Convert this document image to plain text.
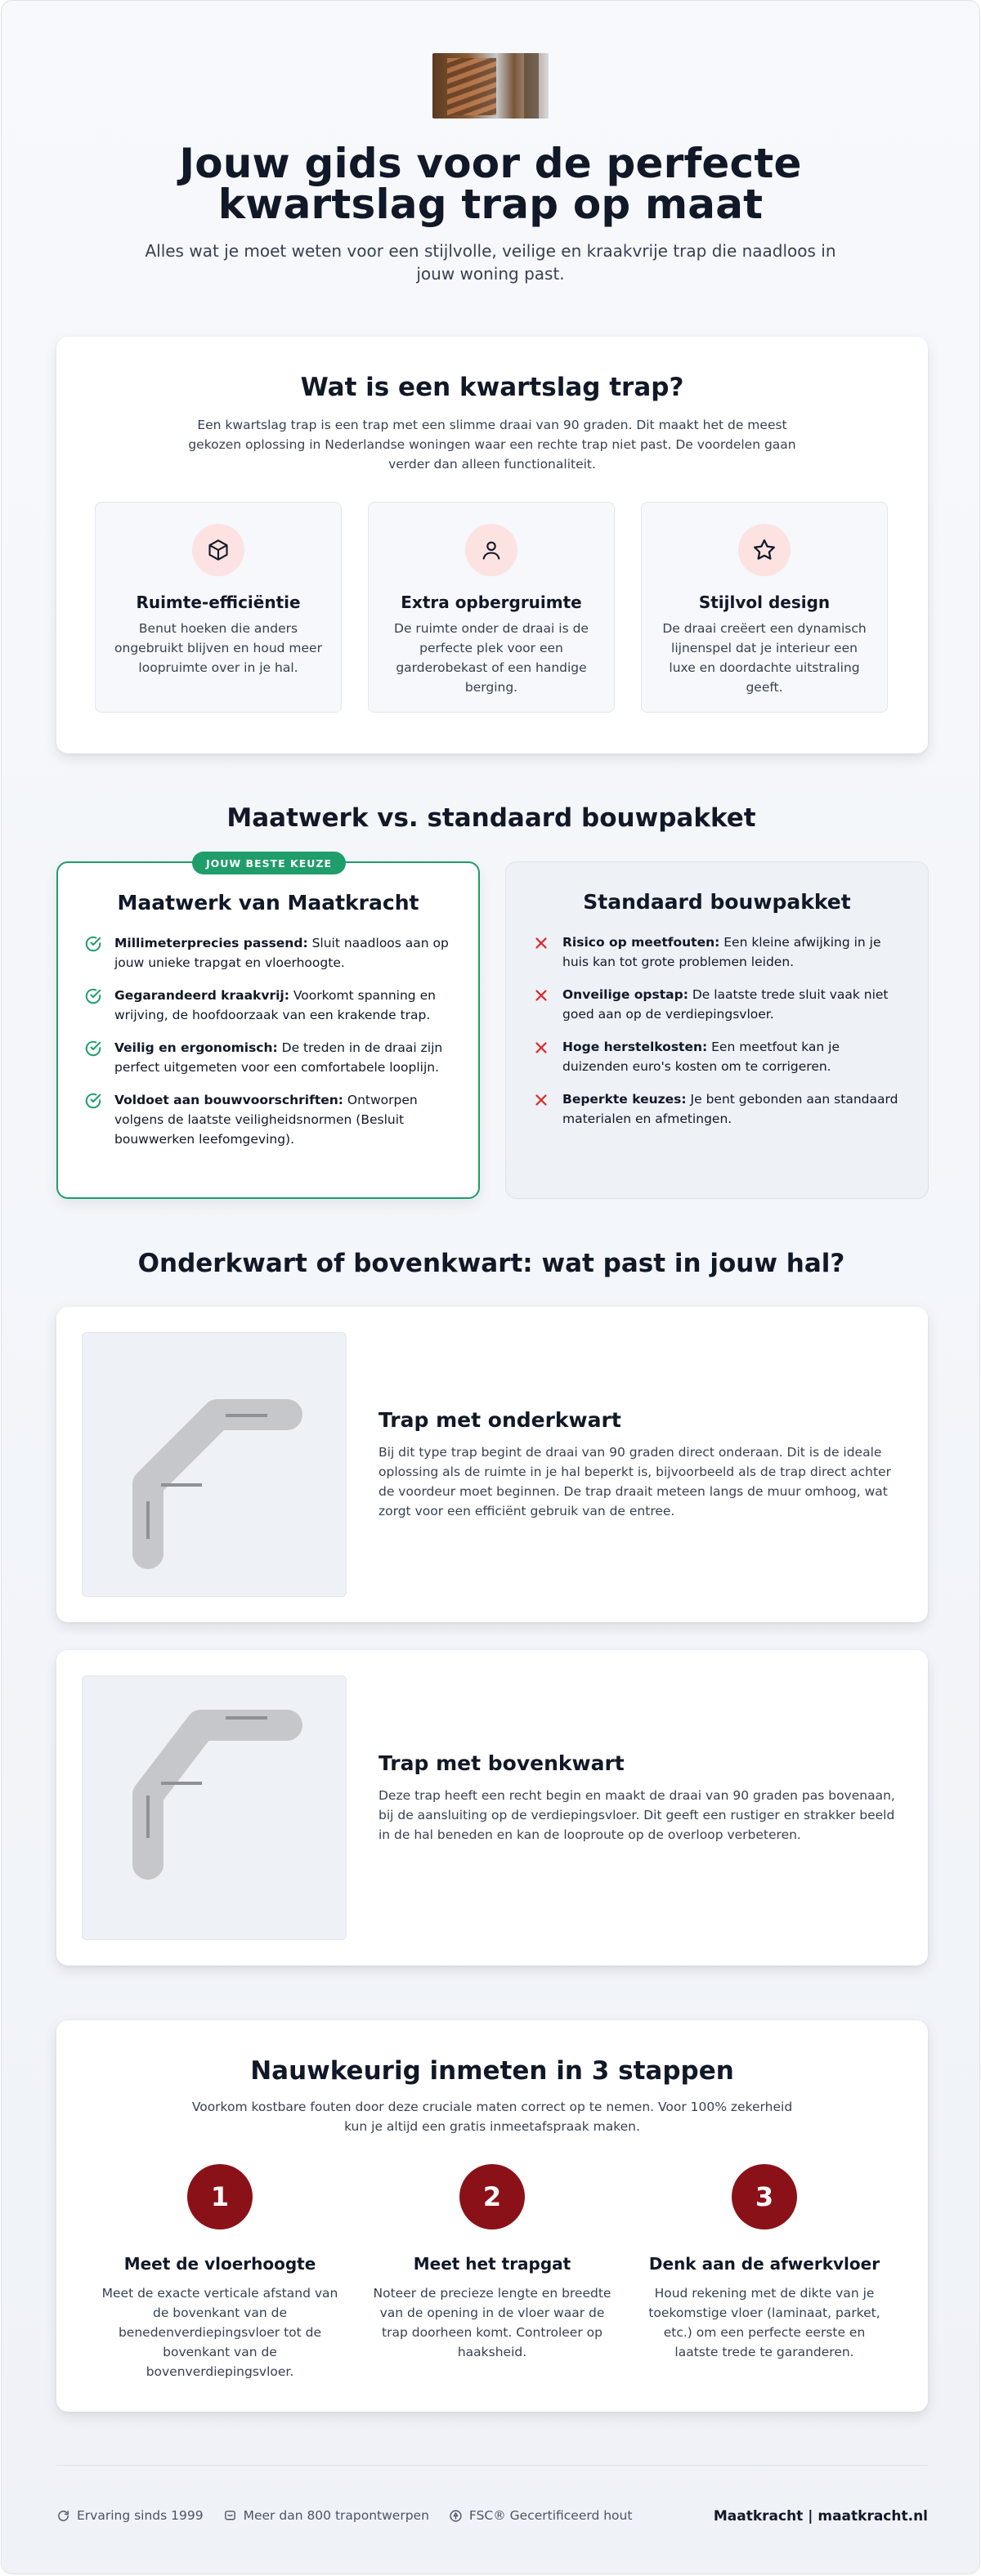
Jouw gids voor de perfecte kwartslag trap op maat

Alles wat je moet weten voor een stijlvolle, veilige en kraakvrije trap die naadloos in jouw woning past.

Wat is een kwartslag trap?

Een kwartslag trap is een trap met een slimme draai van 90 graden. Dit maakt het de meest gekozen oplossing in Nederlandse woningen waar een rechte trap niet past. De voordelen gaan verder dan alleen functionaliteit.

Ruimte-efficiëntie

Benut hoeken die anders ongebruikt blijven en houd meer loopruimte over in je hal.

Extra opbergruimte

De ruimte onder de draai is de perfecte plek voor een garderobekast of een handige berging.

Stijlvol design

De draai creëert een dynamisch lijnenspel dat je interieur een luxe en doordachte uitstraling geeft.

Maatwerk vs. standaard bouwpakket
JOUW BESTE KEUZE
Maatwerk van Maatkracht
Millimeterprecies passend: Sluit naadloos aan op jouw unieke trapgat en vloerhoogte.
Gegarandeerd kraakvrij: Voorkomt spanning en wrijving, de hoofdoorzaak van een krakende trap.
Veilig en ergonomisch: De treden in de draai zijn perfect uitgemeten voor een comfortabele looplijn.
Voldoet aan bouwvoorschriften: Ontworpen volgens de laatste veiligheidsnormen (Besluit bouwwerken leefomgeving).
Standaard bouwpakket
Risico op meetfouten: Een kleine afwijking in je huis kan tot grote problemen leiden.
Onveilige opstap: De laatste trede sluit vaak niet goed aan op de verdiepingsvloer.
Hoge herstelkosten: Een meetfout kan je duizenden euro's kosten om te corrigeren.
Beperkte keuzes: Je bent gebonden aan standaard materialen en afmetingen.
Onderkwart of bovenkwart: wat past in jouw hal?
Trap met onderkwart

Bij dit type trap begint de draai van 90 graden direct onderaan. Dit is de ideale oplossing als de ruimte in je hal beperkt is, bijvoorbeeld als de trap direct achter de voordeur moet beginnen. De trap draait meteen langs de muur omhoog, wat zorgt voor een efficiënt gebruik van de entree.

Trap met bovenkwart

Deze trap heeft een recht begin en maakt de draai van 90 graden pas bovenaan, bij de aansluiting op de verdiepingsvloer. Dit geeft een rustiger en strakker beeld in de hal beneden en kan de looproute op de overloop verbeteren.

Nauwkeurig inmeten in 3 stappen

Voorkom kostbare fouten door deze cruciale maten correct op te nemen. Voor 100% zekerheid kun je altijd een gratis inmeetafspraak maken.

1
Meet de vloerhoogte

Meet de exacte verticale afstand van de bovenkant van de benedenverdiepingsvloer tot de bovenkant van de bovenverdiepingsvloer.

2
Meet het trapgat

Noteer de precieze lengte en breedte van de opening in de vloer waar de trap doorheen komt. Controleer op haaksheid.

3
Denk aan de afwerkvloer

Houd rekening met de dikte van je toekomstige vloer (laminaat, parket, etc.) om een perfecte eerste en laatste trede te garanderen.

Ervaring sinds 1999	Meer dan 800 trapontwerpen	FSC® Gecertificeerd hout	Maatkracht | maatkracht.nl
